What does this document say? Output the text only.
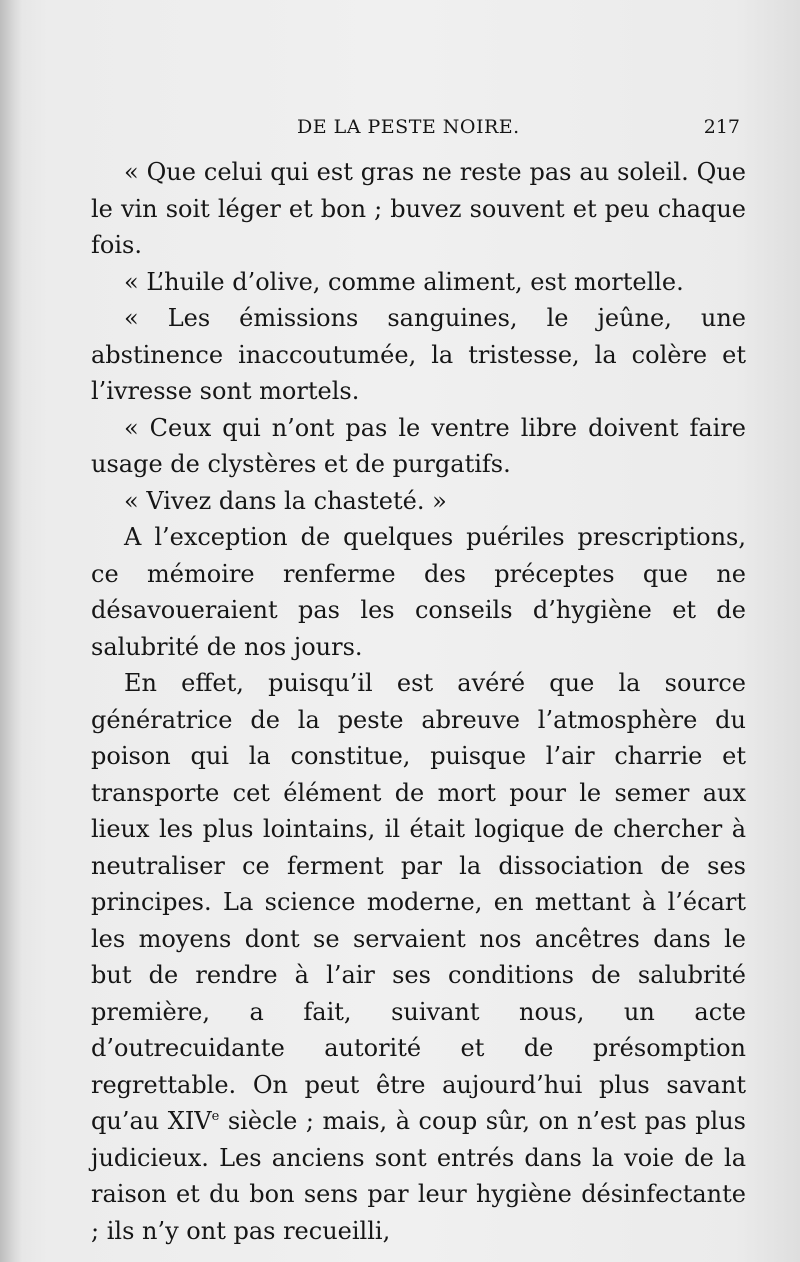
DE LA PESTE NOIRE.	217

« Que celui qui est gras ne reste pas au soleil. Que le vin soit léger et bon ; buvez souvent et peu chaque fois.

« L’huile d’olive, comme aliment, est mortelle.

« Les émissions sanguines, le jeûne, une abstinence inaccoutumée, la tristesse, la colère et l’ivresse sont mortels.

« Ceux qui n’ont pas le ventre libre doivent faire usage de clystères et de purgatifs.

« Vivez dans la chasteté. »

A l’exception de quelques puériles prescriptions, ce mémoire renferme des préceptes que ne désavoueraient pas les conseils d’hygiène et de salubrité de nos jours.

En effet, puisqu’il est avéré que la source génératrice de la peste abreuve l’atmosphère du poison qui la constitue, puisque l’air charrie et transporte cet élément de mort pour le semer aux lieux les plus lointains, il était logique de chercher à neutraliser ce ferment par la dissociation de ses principes. La science moderne, en mettant à l’écart les moyens dont se servaient nos ancêtres dans le but de rendre à l’air ses conditions de salubrité première, a fait, suivant nous, un acte d’outrecuidante autorité et de présomption regrettable. On peut être aujourd’hui plus savant qu’au XIVe siècle ; mais, à coup sûr, on n’est pas plus judicieux. Les anciens sont entrés dans la voie de la raison et du bon sens par leur hygiène désinfectante ; ils n’y ont pas recueilli,
